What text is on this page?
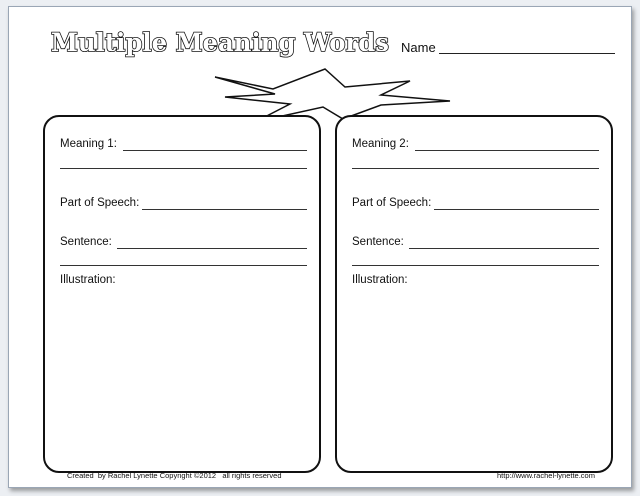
Multiple Meaning Words Name
Meaning 1:
Part of Speech:
Sentence:
Illustration:
Meaning 2:
Part of Speech:
Sentence:
Illustration:
Created  by Rachel Lynette Copyright ©2012   all rights reserved	http://www.rachel-lynette.com
